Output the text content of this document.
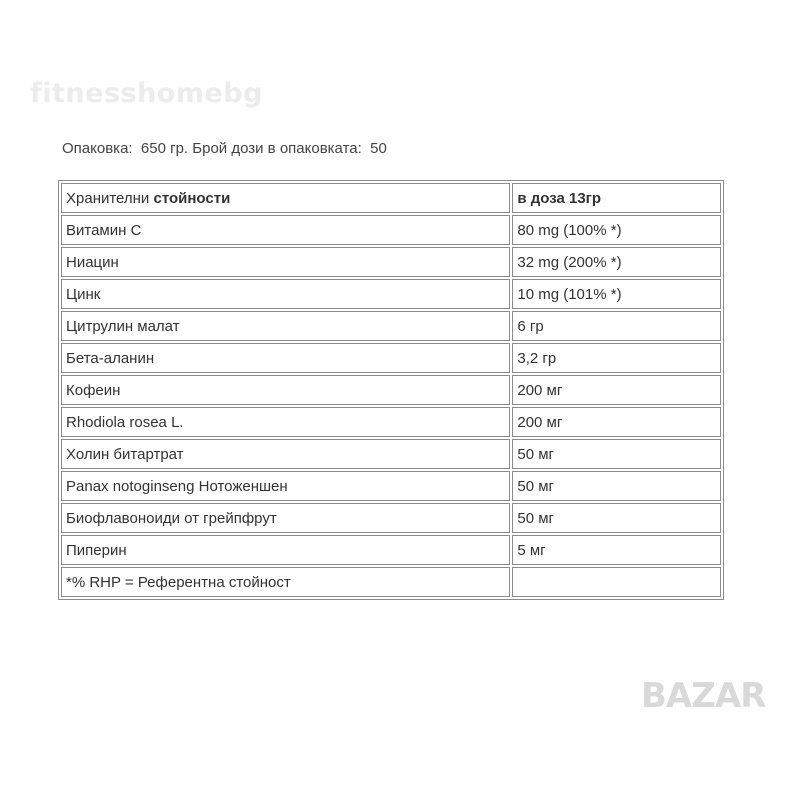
fitnesshomebg
Опаковка:  650 гр. Брой дози в опаковката:  50
Хранителни стойности	в доза 13гр
Витамин С	80 mg (100% *)
Ниацин	32 mg (200% *)
Цинк	10 mg (101% *)
Цитрулин малат	6 гр
Бета-аланин	3,2 гр
Кофеин	200 мг
Rhodiola rosea L.	200 мг
Холин битартрат	50 мг
Panax notoginseng Нотоженшен	50 мг
Биофлавоноиди от грейпфрут	50 мг
Пиперин	5 мг
*% RHP = Референтна стойност	
BAZAR
